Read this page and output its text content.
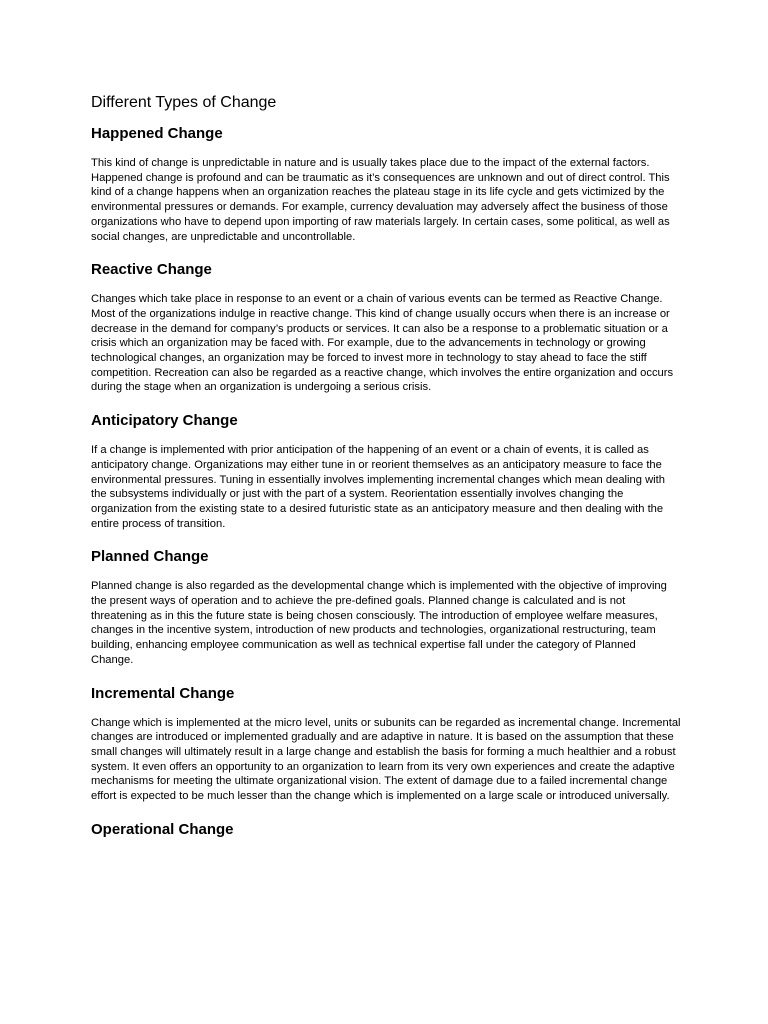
Different Types of Change
Happened Change

This kind of change is unpredictable in nature and is usually takes place due to the impact of the external factors. Happened change is profound and can be traumatic as it’s consequences are unknown and out of direct control. This kind of a change happens when an organization reaches the plateau stage in its life cycle and gets victimized by the environmental pressures or demands. For example, currency devaluation may adversely affect the business of those organizations who have to depend upon importing of raw materials largely. In certain cases, some political, as well as social changes, are unpredictable and uncontrollable.

Reactive Change

Changes which take place in response to an event or a chain of various events can be termed as Reactive Change. Most of the organizations indulge in reactive change. This kind of change usually occurs when there is an increase or decrease in the demand for company’s products or services. It can also be a response to a problematic situation or a crisis which an organization may be faced with. For example, due to the advancements in technology or growing technological changes, an organization may be forced to invest more in technology to stay ahead to face the stiff competition. Recreation can also be regarded as a reactive change, which involves the entire organization and occurs during the stage when an organization is undergoing a serious crisis.

Anticipatory Change

If a change is implemented with prior anticipation of the happening of an event or a chain of events, it is called as anticipatory change. Organizations may either tune in or reorient themselves as an anticipatory measure to face the environmental pressures. Tuning in essentially involves implementing incremental changes which mean dealing with the subsystems individually or just with the part of a system. Reorientation essentially involves changing the organization from the existing state to a desired futuristic state as an anticipatory measure and then dealing with the entire process of transition.

Planned Change

Planned change is also regarded as the developmental change which is implemented with the objective of improving the present ways of operation and to achieve the pre-defined goals. Planned change is calculated and is not threatening as in this the future state is being chosen consciously. The introduction of employee welfare measures, changes in the incentive system, introduction of new products and technologies, organizational restructuring, team building, enhancing employee communication as well as technical expertise fall under the category of Planned Change.

Incremental Change

Change which is implemented at the micro level, units or subunits can be regarded as incremental change. Incremental changes are introduced or implemented gradually and are adaptive in nature. It is based on the assumption that these small changes will ultimately result in a large change and establish the basis for forming a much healthier and a robust system. It even offers an opportunity to an organization to learn from its very own experiences and create the adaptive mechanisms for meeting the ultimate organizational vision. The extent of damage due to a failed incremental change effort is expected to be much lesser than the change which is implemented on a large scale or introduced universally.

Operational Change
